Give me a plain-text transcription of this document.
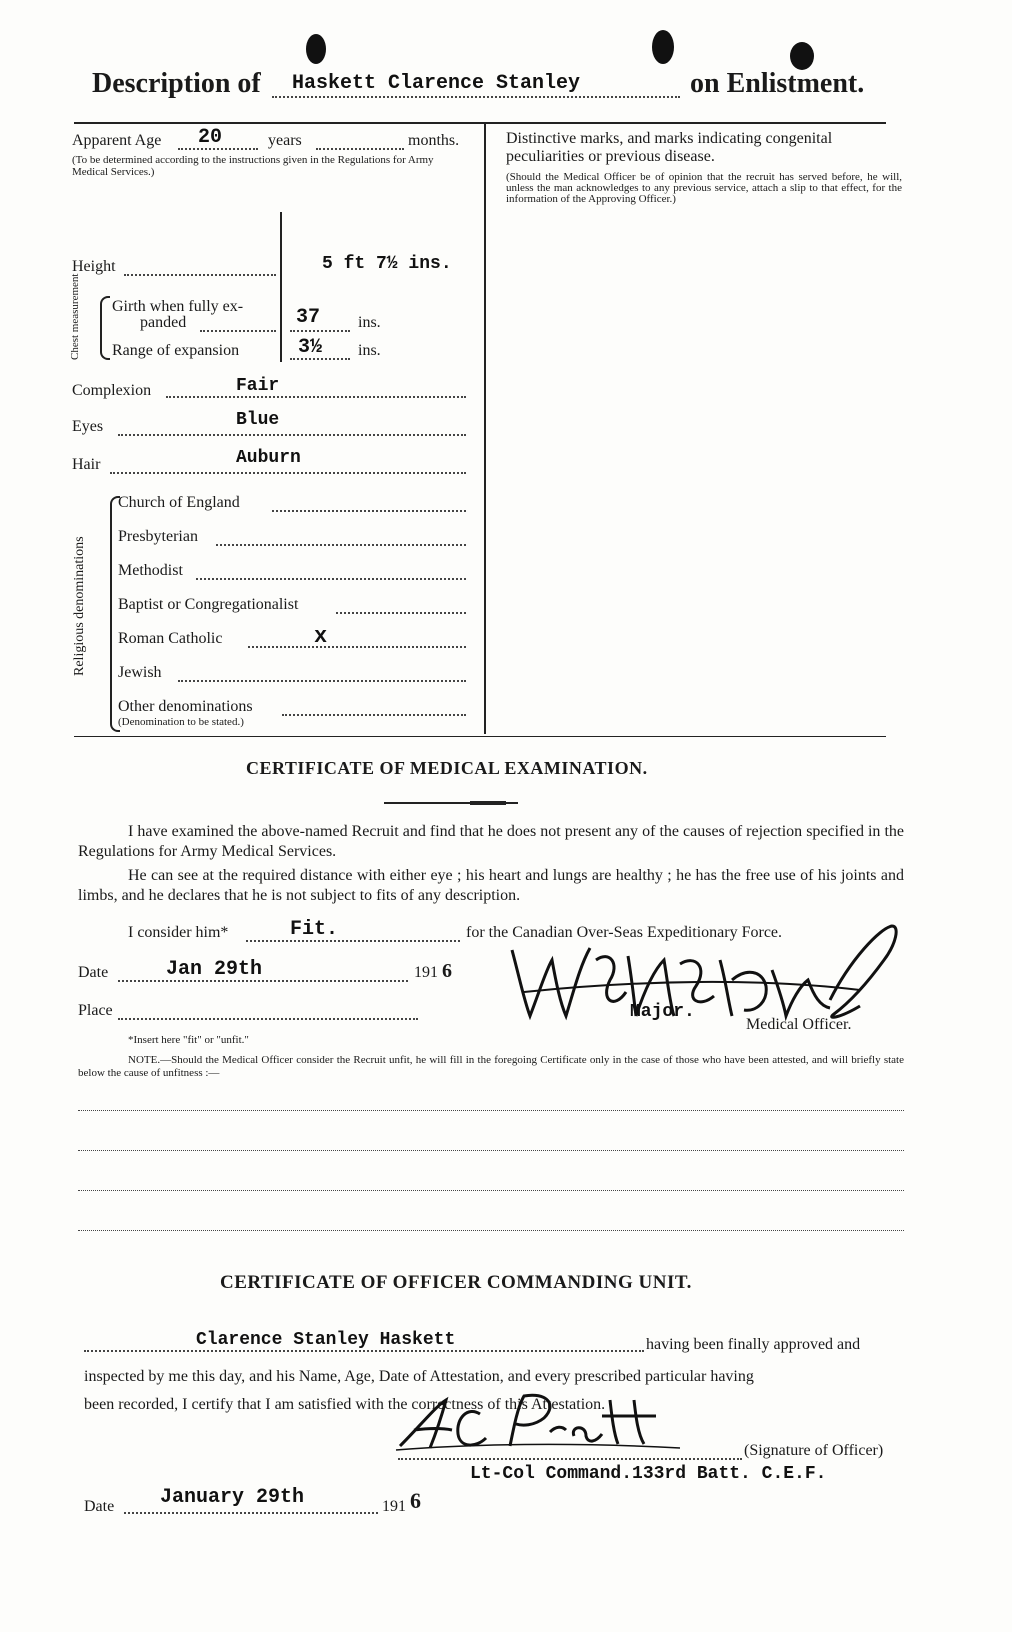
Description of Haskett Clarence Stanley	on Enlistment.
Apparent Age 20	years	months.
(To be determined according to the instructions given in the Regulations for Army Medical Services.)
Height	5 ft 7½ ins.
Chest measurement Girth when fully ex-
panded	37 ins.
Range of expansion	3½ ins.
Complexion	Fair
Eyes	Blue
Hair	Auburn
Religious denominations
Church of England
Presbyterian
Methodist
Baptist or Congregationalist
Roman Catholic	x
Jewish
Other denominations
(Denomination to be stated.)
Distinctive marks, and marks indicating congenital
peculiarities or previous disease.
(Should the Medical Officer be of opinion that the recruit has served before, he will, unless the man acknowledges to any previous service, attach a slip to that effect, for the information of the Approving Officer.)
CERTIFICATE OF MEDICAL EXAMINATION.
I have examined the above-named Recruit and find that he does not present any of the causes of rejection specified in the Regulations for Army Medical Services.
He can see at the required distance with either eye ; his heart and lungs are healthy ; he has the free use of his joints and limbs, and he declares that he is not subject to fits of any description.
I consider him*	Fit.	for the Canadian Over-Seas Expeditionary Force.
Date	Jan 29th	191 6
Place	Major.
Medical Officer.
*Insert here "fit" or "unfit."
NOTE.—Should the Medical Officer consider the Recruit unfit, he will fill in the foregoing Certificate only in the case of those who have been attested, and will briefly state below the cause of unfitness :—
CERTIFICATE OF OFFICER COMMANDING UNIT.
Clarence Stanley Haskett	having been finally approved and
inspected by me this day, and his Name, Age, Date of Attestation, and every prescribed particular having
been recorded, I certify that I am satisfied with the correctness of this Attestation.
(Signature of Officer)
Lt-Col Command.133rd Batt. C.E.F.
Date January 29th	191 6
